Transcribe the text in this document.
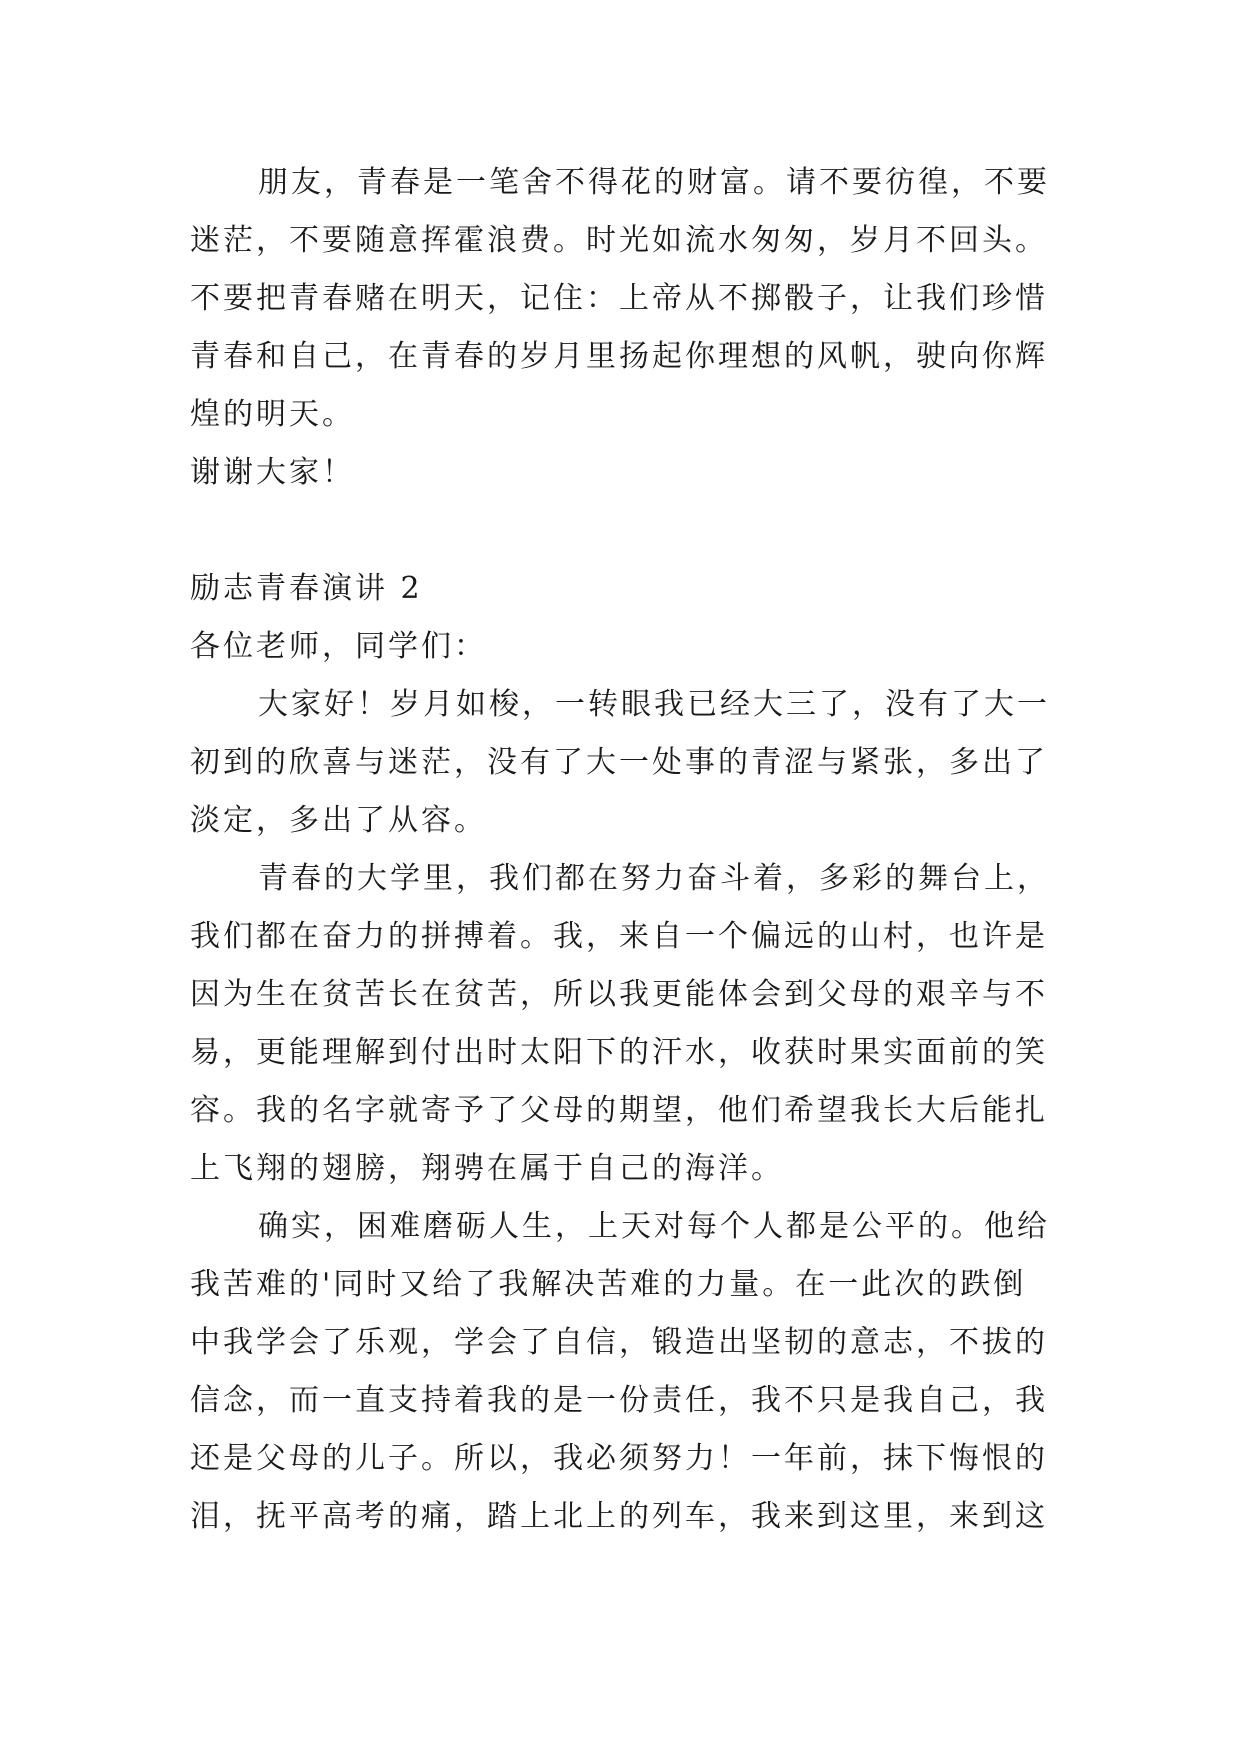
朋友，青春是一笔舍不得花的财富。请不要彷徨，不要
迷茫，不要随意挥霍浪费。时光如流水匆匆，岁月不回头。
不要把青春赌在明天，记住：上帝从不掷骰子，让我们珍惜
青春和自己，在青春的岁月里扬起你理想的风帆，驶向你辉
煌的明天。
谢谢大家！
励志青春演讲 2
各位老师，同学们：
大家好！岁月如梭，一转眼我已经大三了，没有了大一
初到的欣喜与迷茫，没有了大一处事的青涩与紧张，多出了
淡定，多出了从容。
青春的大学里，我们都在努力奋斗着，多彩的舞台上，
我们都在奋力的拼搏着。我，来自一个偏远的山村，也许是
因为生在贫苦长在贫苦，所以我更能体会到父母的艰辛与不
易，更能理解到付出时太阳下的汗水，收获时果实面前的笑
容。我的名字就寄予了父母的期望，他们希望我长大后能扎
上飞翔的翅膀，翔骋在属于自己的海洋。
确实，困难磨砺人生，上天对每个人都是公平的。他给
我苦难的'同时又给了我解决苦难的力量。在一此次的跌倒
中我学会了乐观，学会了自信，锻造出坚韧的意志，不拔的
信念，而一直支持着我的是一份责任，我不只是我自己，我
还是父母的儿子。所以，我必须努力！一年前，抹下悔恨的
泪，抚平高考的痛，踏上北上的列车，我来到这里，来到这
